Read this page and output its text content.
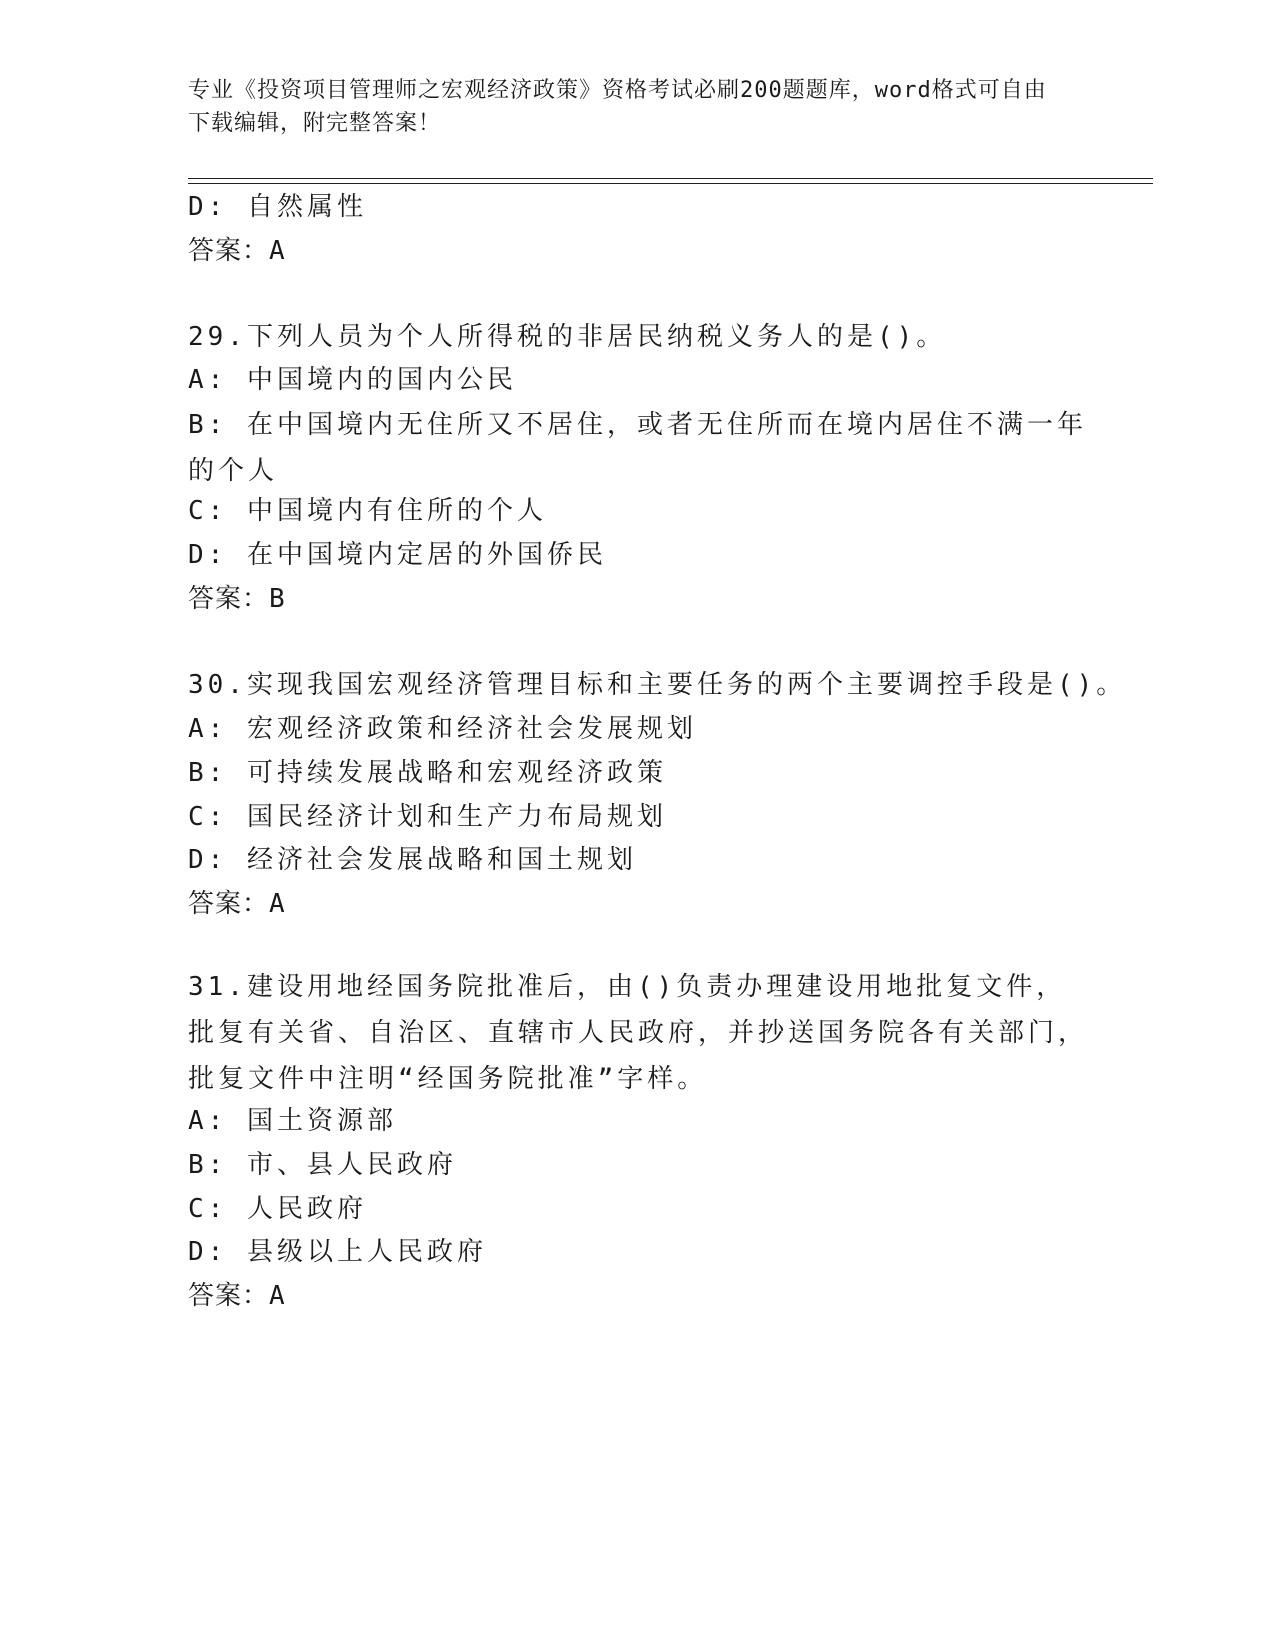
专业《投资项目管理师之宏观经济政策》资格考试必刷200题题库，word格式可自由下载编辑，附完整答案！
D: 自然属性
答案：A
29.下列人员为个人所得税的非居民纳税义务人的是()。
A: 中国境内的国内公民
B: 在中国境内无住所又不居住，或者无住所而在境内居住不满一年的个人
C: 中国境内有住所的个人
D: 在中国境内定居的外国侨民
答案：B
30.实现我国宏观经济管理目标和主要任务的两个主要调控手段是()。
A: 宏观经济政策和经济社会发展规划
B: 可持续发展战略和宏观经济政策
C: 国民经济计划和生产力布局规划
D: 经济社会发展战略和国土规划
答案：A
31.建设用地经国务院批准后，由()负责办理建设用地批复文件，批复有关省、自治区、直辖市人民政府，并抄送国务院各有关部门，批复文件中注明“经国务院批准”字样。
A: 国土资源部
B: 市、县人民政府
C: 人民政府
D: 县级以上人民政府
答案：A
